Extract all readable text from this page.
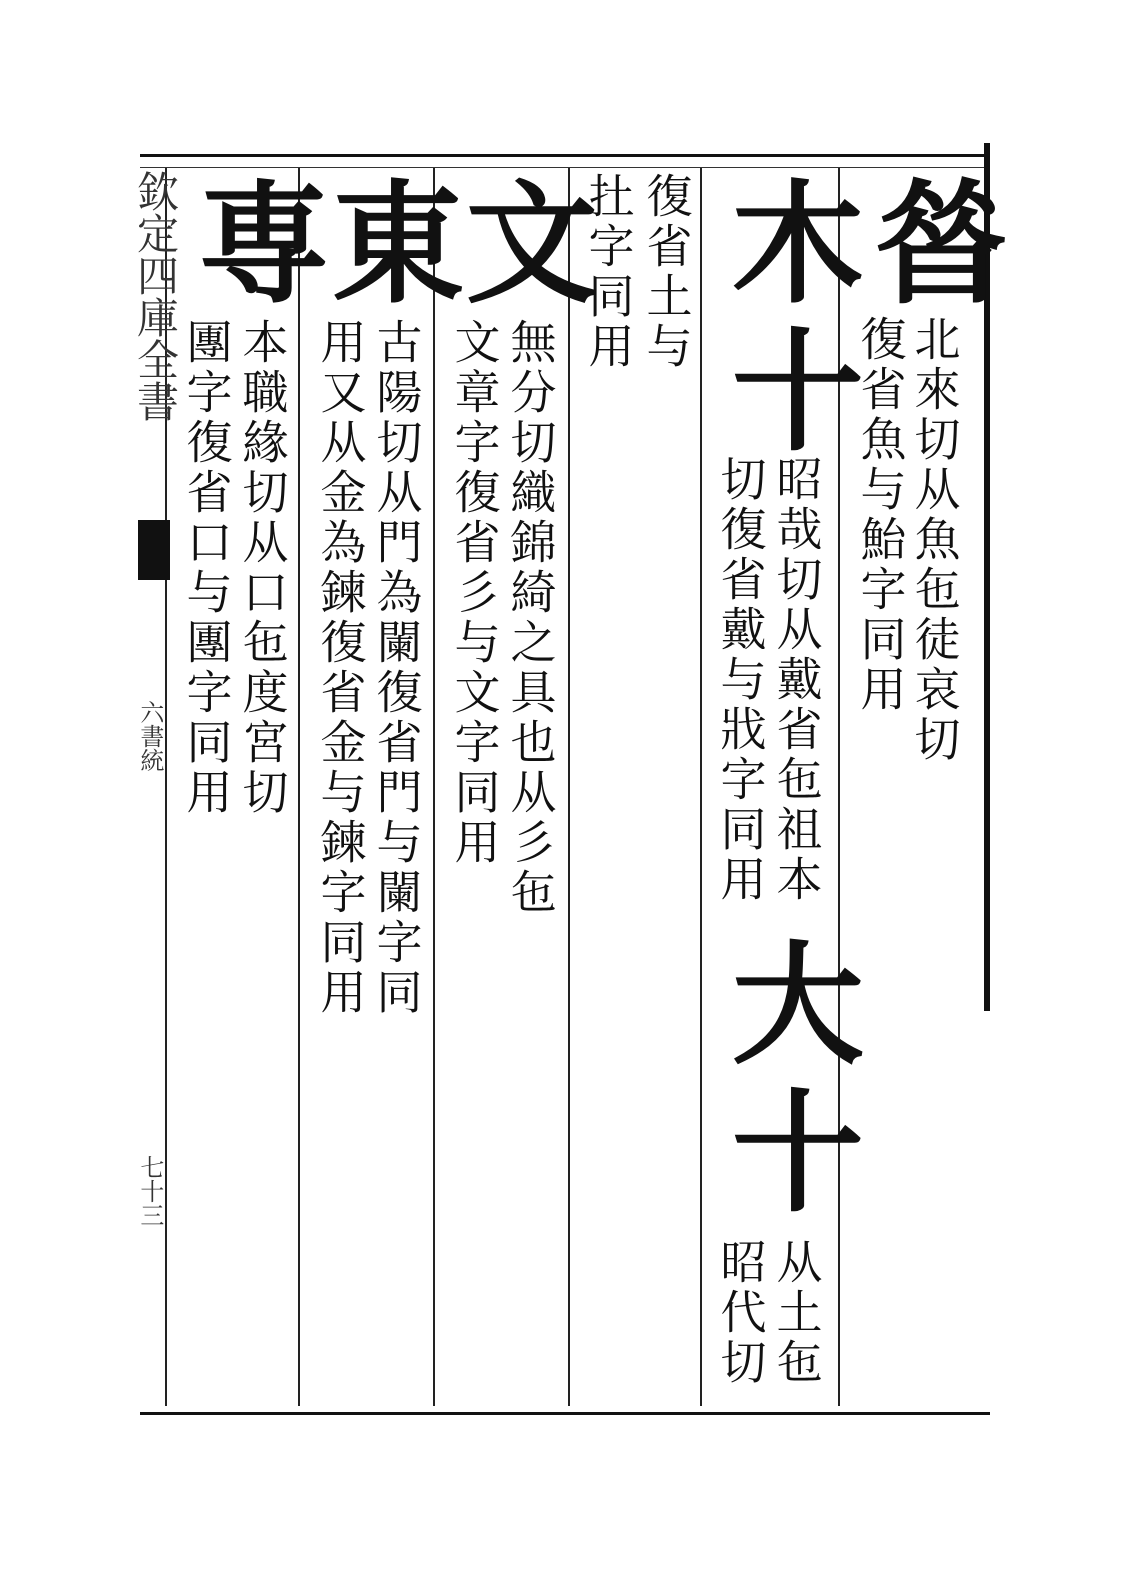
欽定四庫全書
六書統
七十三
㫺
北來切从魚㐌徒哀切
復省魚与鮐字同用
木十
昭哉切从戴省㐌祖本
切復省戴与戕字同用
大十
从土㐌
昭代切
復省土与
扗字同用
文
無分切織錦綺之具也从彡㐌
文章字復省彡与文字同用
東
古陽切从門為闌復省門与闌字同
用又从金為鍊復省金与鍊字同用
専
本職緣切从口㐌度宮切
團字復省口与團字同用
